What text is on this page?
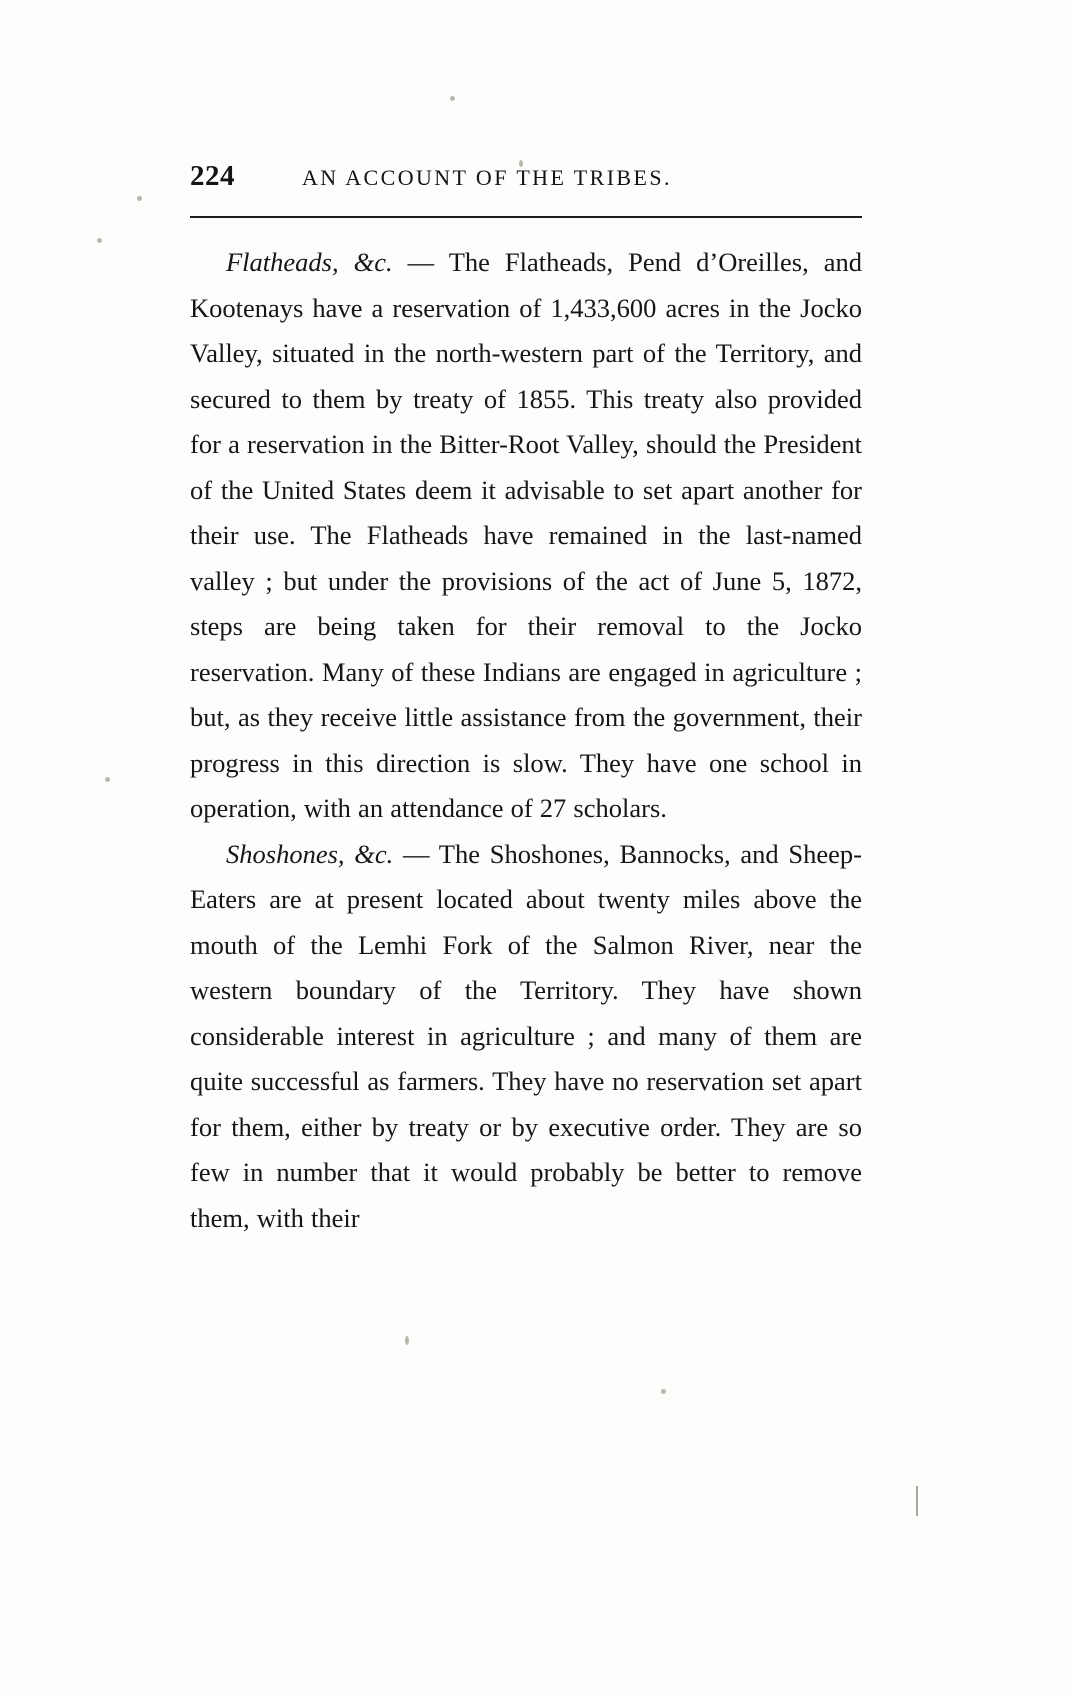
224	AN ACCOUNT OF THE TRIBES.

Flatheads, &c. — The Flatheads, Pend d’Oreilles, and Kootenays have a reservation of 1,433,600 acres in the Jocko Valley, situated in the north-western part of the Territory, and secured to them by treaty of 1855. This treaty also provided for a reservation in the Bitter-Root Valley, should the President of the United States deem it advisable to set apart another for their use. The Flatheads have remained in the last-named valley ; but under the provisions of the act of June 5, 1872, steps are being taken for their removal to the Jocko reservation. Many of these Indians are engaged in agriculture ; but, as they receive little assistance from the government, their progress in this direction is slow. They have one school in operation, with an attendance of 27 scholars.

Shoshones, &c. — The Shoshones, Bannocks, and Sheep-Eaters are at present located about twenty miles above the mouth of the Lemhi Fork of the Salmon River, near the western boundary of the Territory. They have shown considerable interest in agriculture ; and many of them are quite successful as farmers. They have no reservation set apart for them, either by treaty or by executive order. They are so few in number that it would probably be better to remove them, with their
